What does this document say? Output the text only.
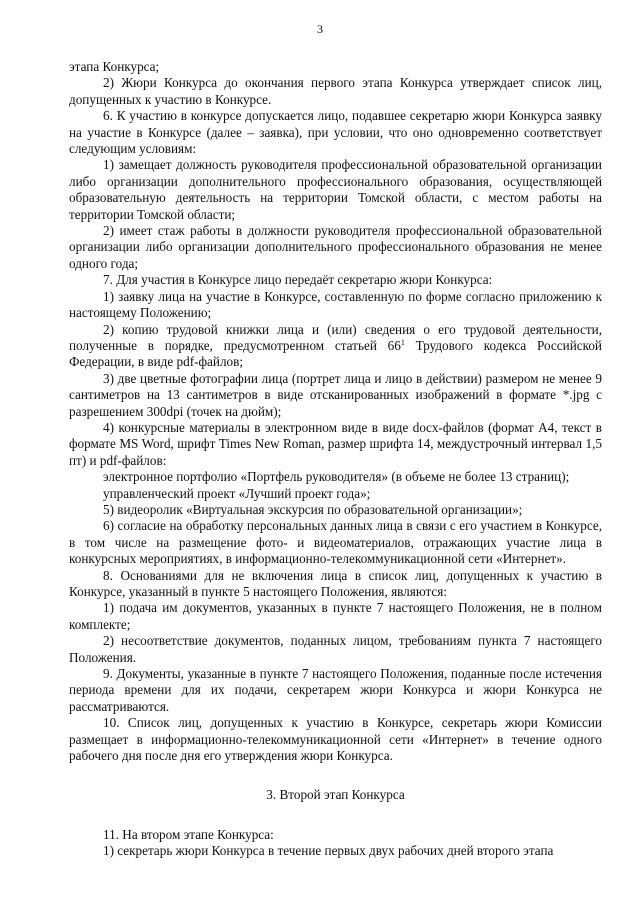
3

этапа Конкурса;

2) Жюри Конкурса до окончания первого этапа Конкурса утверждает список лиц, допущенных к участию в Конкурсе.

6. К участию в конкурсе допускается лицо, подавшее секретарю жюри Конкурса заявку на участие в Конкурсе (далее – заявка), при условии, что оно одновременно соответствует следующим условиям:

1) замещает должность руководителя профессиональной образовательной организации либо организации дополнительного профессионального образования, осуществляющей образовательную деятельность на территории Томской области, с местом работы на территории Томской области;

2) имеет стаж работы в должности руководителя профессиональной образовательной организации либо организации дополнительного профессионального образования не менее одного года;

7. Для участия в Конкурсе лицо передаёт секретарю жюри Конкурса:

1) заявку лица на участие в Конкурсе, составленную по форме согласно приложению к настоящему Положению;

2) копию трудовой книжки лица и (или) сведения о его трудовой деятельности, полученные в порядке, предусмотренном статьей $66^1$ Трудового кодекса Российской Федерации, в виде pdf-файлов;

3) две цветные фотографии лица (портрет лица и лицо в действии) размером не менее 9 сантиметров на 13 сантиметров в виде отсканированных изображений в формате *.jpg с разрешением 300dpi (точек на дюйм);

4) конкурсные материалы в электронном виде в виде docx-файлов (формат А4, текст в формате MS Word, шрифт Times New Roman, размер шрифта 14, междустрочный интервал 1,5 пт) и pdf-файлов:

электронное портфолио «Портфель руководителя» (в объеме не более 13 страниц);

управленческий проект «Лучший проект года»;

5) видеоролик «Виртуальная экскурсия по образовательной организации»;

6) согласие на обработку персональных данных лица в связи с его участием в Конкурсе, в том числе на размещение фото- и видеоматериалов, отражающих участие лица в конкурсных мероприятиях, в информационно-телекоммуникационной сети «Интернет».

8. Основаниями для не включения лица в список лиц, допущенных к участию в Конкурсе, указанный в пункте 5 настоящего Положения, являются:

1) подача им документов, указанных в пункте 7 настоящего Положения, не в полном комплекте;

2) несоответствие документов, поданных лицом, требованиям пункта 7 настоящего Положения.

9. Документы, указанные в пункте 7 настоящего Положения, поданные после истечения периода времени для их подачи, секретарем жюри Конкурса и жюри Конкурса не рассматриваются.

10. Список лиц, допущенных к участию в Конкурсе, секретарь жюри Комиссии размещает в информационно-телекоммуникационной сети «Интернет» в течение одного рабочего дня после дня его утверждения жюри Конкурса.

3. Второй этап Конкурса

11. На втором этапе Конкурса:

1) секретарь жюри Конкурса в течение первых двух рабочих дней второго этапа
